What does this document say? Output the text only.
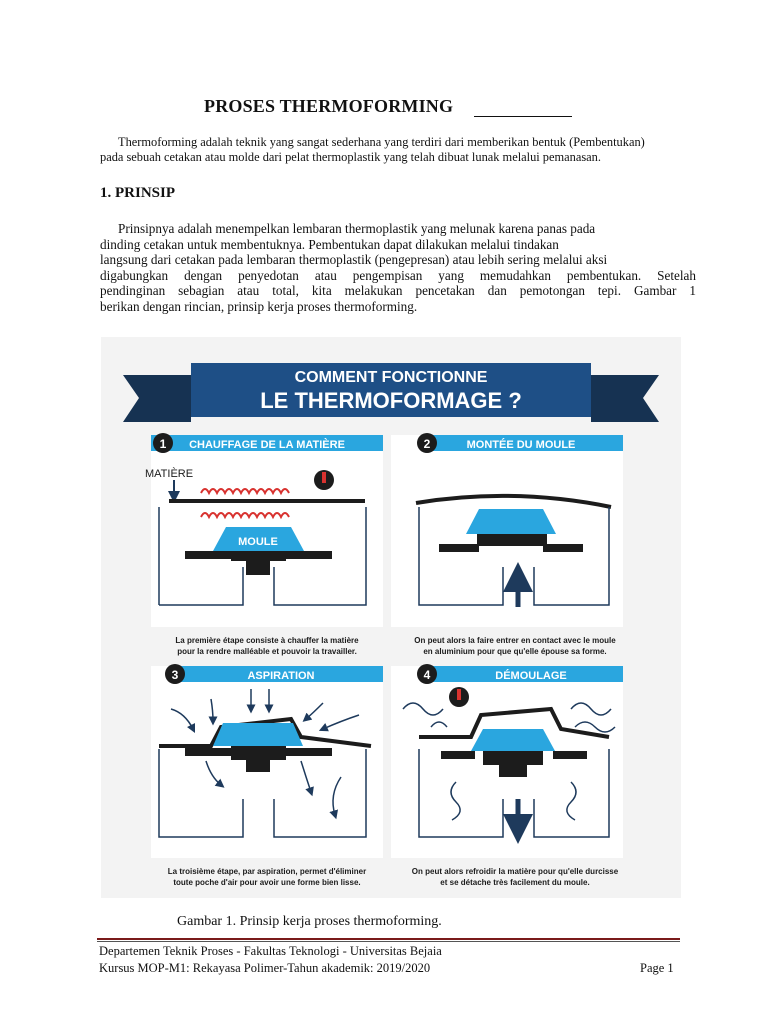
PROSES THERMOFORMING
Thermoforming adalah teknik yang sangat sederhana yang terdiri dari memberikan bentuk (Pembentukan)
pada sebuah cetakan atau molde dari pelat thermoplastik yang telah dibuat lunak melalui pemanasan.
1. PRINSIP
Prinsipnya adalah menempelkan lembaran thermoplastik yang melunak karena panas pada
dinding cetakan untuk membentuknya. Pembentukan dapat dilakukan melalui tindakan
langsung dari cetakan pada lembaran thermoplastik (pengepresan) atau lebih sering melalui aksi
digabungkan dengan penyedotan atau pengempisan yang memudahkan pembentukan. Setelah
pendinginan sebagian atau total, kita melakukan pencetakan dan pemotongan tepi. Gambar 1
berikan dengan rincian, prinsip kerja proses thermoforming.
COMMENT FONCTIONNE
LE THERMOFORMAGE ?
1 CHAUFFAGE DE LA MATIÈRE
MATIÈRE
MOULE
2	MONTÉE DU MOULE
La première étape consiste à chauffer la matière
pour la rendre malléable et pouvoir la travailler.
On peut alors la faire entrer en contact avec le moule
en aluminium pour que qu'elle épouse sa forme.
3	ASPIRATION	4	DÉMOULAGE
La troisième étape, par aspiration, permet d'éliminer
toute poche d'air pour avoir une forme bien lisse.
On peut alors refroidir la matière pour qu'elle durcisse
et se détache très facilement du moule.
Gambar 1. Prinsip kerja proses thermoforming.
Departemen Teknik Proses - Fakultas Teknologi - Universitas Bejaia
Kursus MOP-M1: Rekayasa Polimer-Tahun akademik: 2019/2020	Page 1
